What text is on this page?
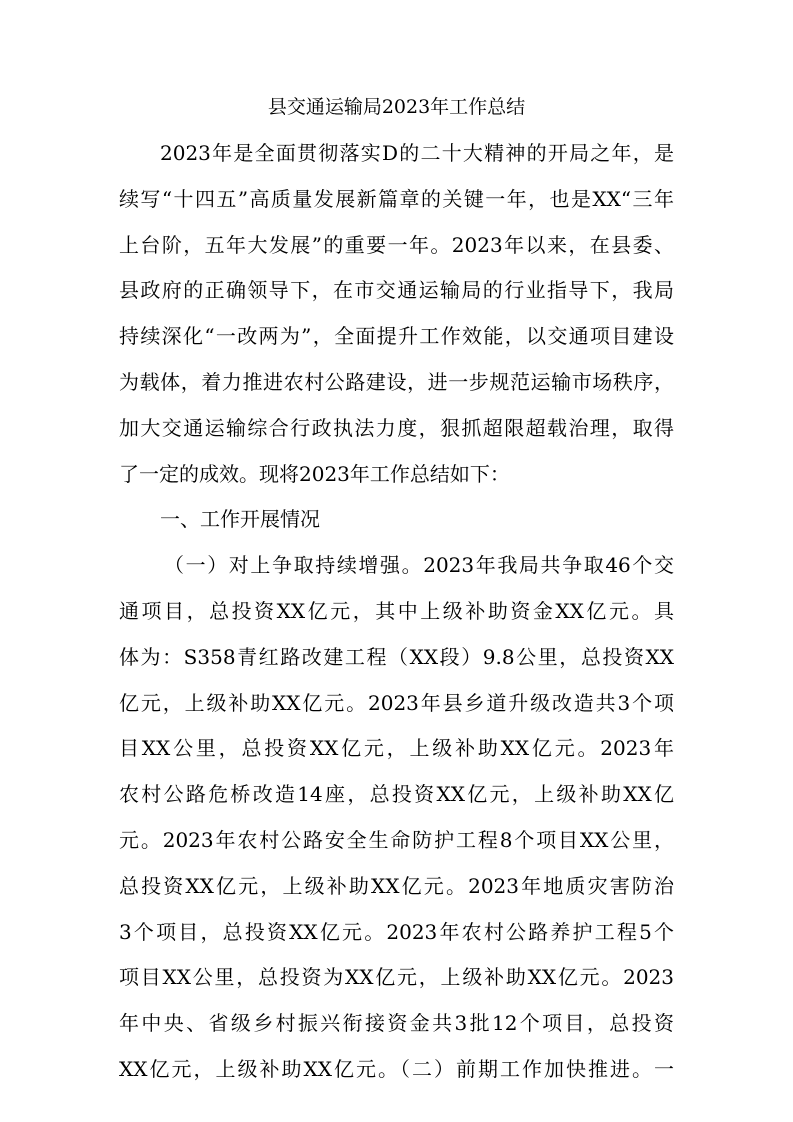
县交通运输局2023年工作总结
2023年是全面贯彻落实D的二十大精神的开局之年，是
续写“十四五”高质量发展新篇章的关键一年，也是XX“三年
上台阶，五年大发展”的重要一年。2023年以来，在县委、
县政府的正确领导下，在市交通运输局的行业指导下，我局
持续深化“一改两为”，全面提升工作效能，以交通项目建设
为载体，着力推进农村公路建设，进一步规范运输市场秩序，
加大交通运输综合行政执法力度，狠抓超限超载治理，取得
了一定的成效。现将2023年工作总结如下：
一、工作开展情况
（一）对上争取持续增强。2023年我局共争取46个交
通项目，总投资XX亿元，其中上级补助资金XX亿元。具
体为：S358青红路改建工程（XX段）9.8公里，总投资XX
亿元，上级补助XX亿元。2023年县乡道升级改造共3个项
目XX公里，总投资XX亿元，上级补助XX亿元。2023年
农村公路危桥改造14座，总投资XX亿元，上级补助XX亿
元。2023年农村公路安全生命防护工程8个项目XX公里，
总投资XX亿元，上级补助XX亿元。2023年地质灾害防治
3个项目，总投资XX亿元。2023年农村公路养护工程5个
项目XX公里，总投资为XX亿元，上级补助XX亿元。2023
年中央、省级乡村振兴衔接资金共3批12个项目，总投资
XX亿元，上级补助XX亿元。（二）前期工作加快推进。一
